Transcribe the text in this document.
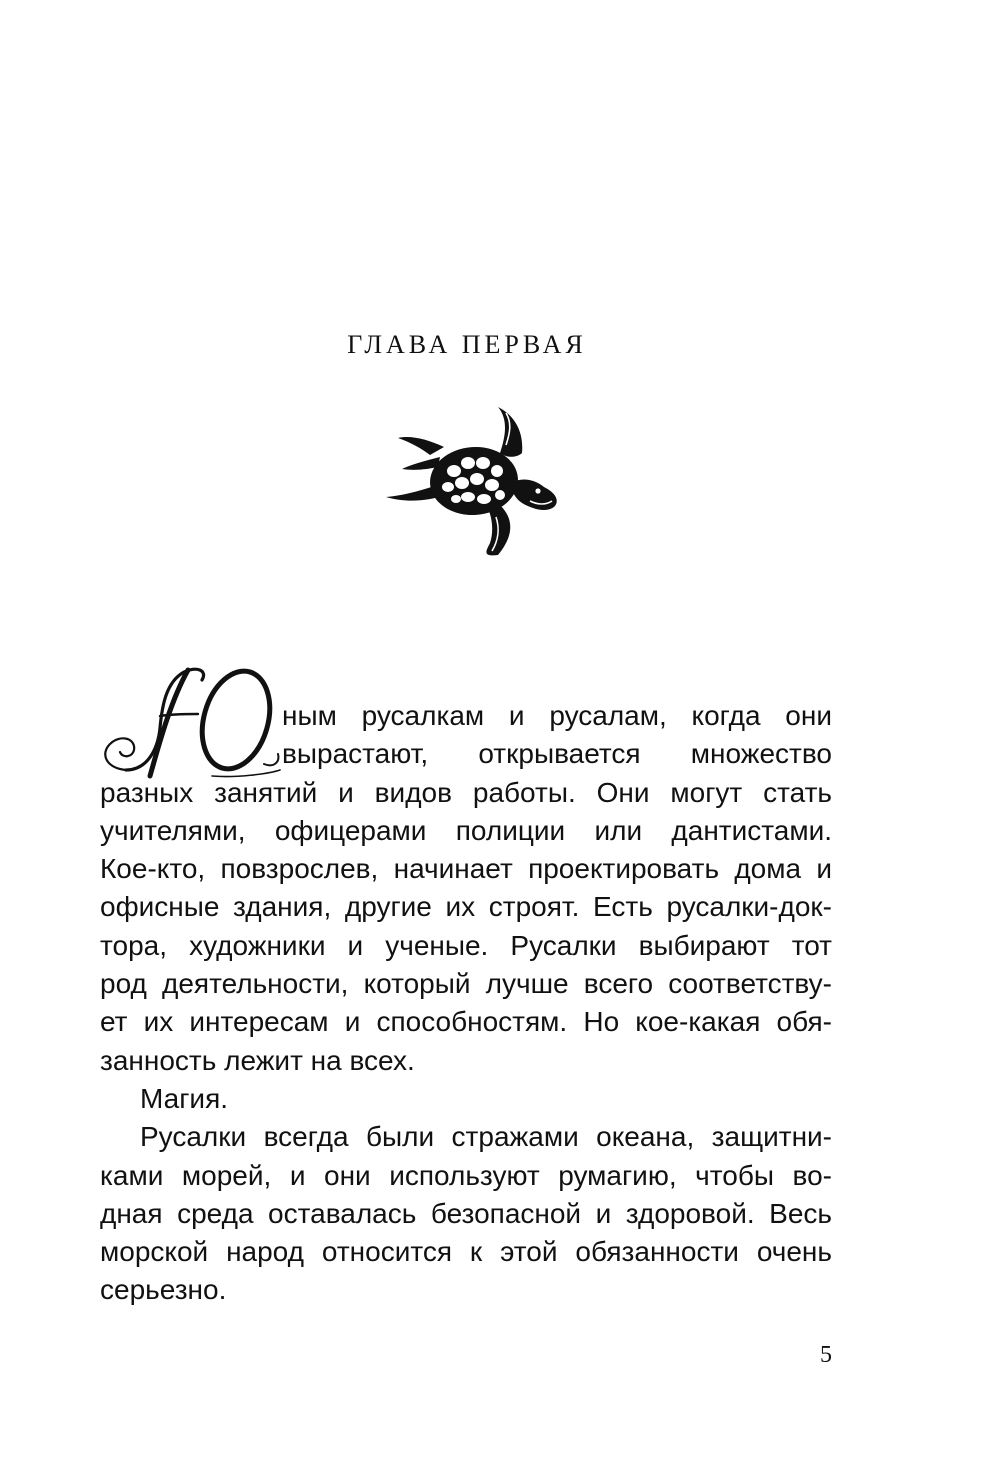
ГЛАВА ПЕРВАЯ
Ю
ным русалкам и русалам, когда они
вырастают, открывается множество
разных занятий и видов работы. Они могут стать
учителями, офицерами полиции или дантистами.
Кое-кто, повзрослев, начинает проектировать дома и
офисные здания, другие их строят. Есть русалки-док-
тора, художники и ученые. Русалки выбирают тот
род деятельности, который лучше всего соответству-
ет их интересам и способностям. Но кое-какая обя-
занность лежит на всех.
Магия.
Русалки всегда были стражами океана, защитни-
ками морей, и они используют румагию, чтобы во-
дная среда оставалась безопасной и здоровой. Весь
морской народ относится к этой обязанности очень
серьезно.
5
